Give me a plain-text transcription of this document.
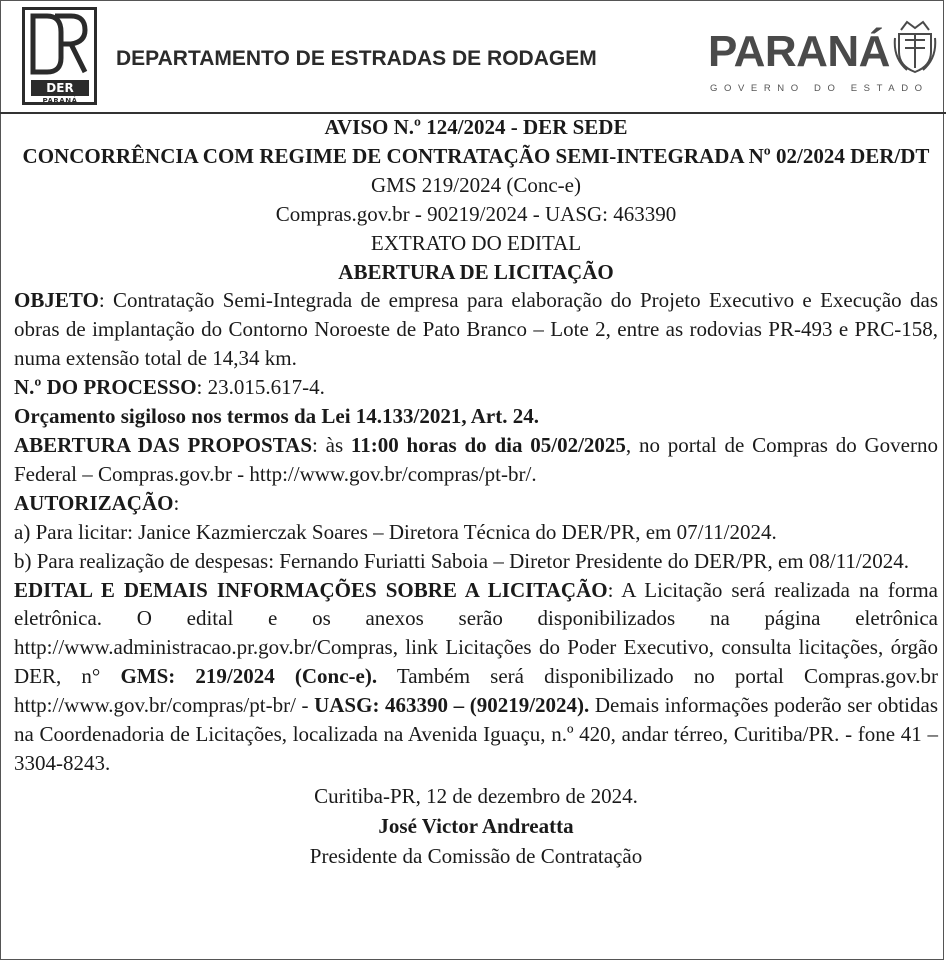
DER
PARANÁ
DEPARTAMENTO DE ESTRADAS DE RODAGEM	PARANÁ
GOVERNO DO ESTADO

AVISO N.º 124/2024 - DER SEDE

CONCORRÊNCIA COM REGIME DE CONTRATAÇÃO SEMI-INTEGRADA Nº 02/2024 DER/DT

GMS 219/2024 (Conc-e)

Compras.gov.br - 90219/2024 - UASG: 463390

EXTRATO DO EDITAL

ABERTURA DE LICITAÇÃO

OBJETO: Contratação Semi-Integrada de empresa para elaboração do Projeto Executivo e Execução das obras de implantação do Contorno Noroeste de Pato Branco – Lote 2, entre as rodovias PR-493 e PRC-158, numa extensão total de 14,34 km.

N.º DO PROCESSO: 23.015.617-4.

Orçamento sigiloso nos termos da Lei 14.133/2021, Art. 24.

ABERTURA DAS PROPOSTAS: às 11:00 horas do dia 05/02/2025, no portal de Compras do Governo Federal – Compras.gov.br - http://www.gov.br/compras/pt-br/.

AUTORIZAÇÃO:

a) Para licitar: Janice Kazmierczak Soares – Diretora Técnica do DER/PR, em 07/11/2024.

b) Para realização de despesas: Fernando Furiatti Saboia – Diretor Presidente do DER/PR, em 08/11/2024.

EDITAL E DEMAIS INFORMAÇÕES SOBRE A LICITAÇÃO: A Licitação será realizada na forma eletrônica. O edital e os anexos serão disponibilizados na página eletrônica http://www.administracao.pr.gov.br/Compras, link Licitações do Poder Executivo, consulta licitações, órgão DER, n° GMS: 219/2024 (Conc-e). Também será disponibilizado no portal Compras.gov.br http://www.gov.br/compras/pt-br/ - UASG: 463390 – (90219/2024). Demais informações poderão ser obtidas na Coordenadoria de Licitações, localizada na Avenida Iguaçu, n.º 420, andar térreo, Curitiba/PR. - fone 41 – 3304-8243.

Curitiba-PR, 12 de dezembro de 2024.

José Victor Andreatta

Presidente da Comissão de Contratação
